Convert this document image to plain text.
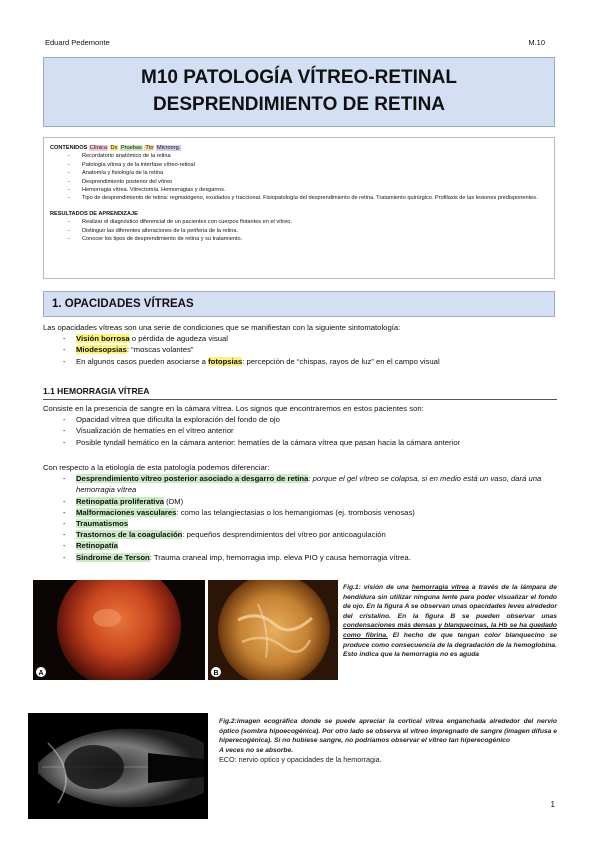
Eduard Pedemonte	M.10
M10 PATOLOGÍA VÍTREO-RETINAL
DESPRENDIMIENTO DE RETINA
CONTENIDOS Clínica Dx Pruebas Tto Microorg.
- Recordatorio anatómico de la retina
- Patología vítrea y de la interfase vítreo-retinal
- Anatomía y fisiología de la retina
- Desprendimiento posterior del vítreo
- Hemorragia vítrea. Vitrectomía. Hemorragias y desgarros.
- Tipo de desprendimiento de retina: regmatógeno, exudados y traccional. Fisiopatología del desprendimiento de retina. Tratamiento quirúrgico. Profilaxis de las lesiones predisponentes.
RESULTADOS DE APRENDIZAJE
- Realizar el diagnóstico diferencial de un pacientes con cuerpos flotantes en el vítreo.
- Distinguir las diferentes alteraciones de la periferia de la retina.
- Conocer los tipos de desprendimiento de retina y su tratamiento.
1. OPACIDADES VÍTREAS
Las opacidades vítreas son una serie de condiciones que se manifiestan con la siguiente sintomatología:
- Visión borrosa o pérdida de agudeza visual
- Miodesopsias: “moscas volantes”
- En algunos casos pueden asociarse a fotopsias: percepción de “chispas, rayos de luz” en el campo visual
1.1 HEMORRAGIA VÍTREA
Consiste en la presencia de sangre en la cámara vítrea. Los signos que encontraremos en estos pacientes son:
- Opacidad vítrea que dificulta la exploración del fondo de ojo
- Visualización de hematíes en el vítreo anterior
- Posible tyndall hemático en la cámara anterior: hematíes de la cámara vítrea que pasan hacia la cámara anterior
Con respecto a la etiología de esta patología podemos diferenciar:
- Desprendimiento vítreo posterior asociado a desgarro de retina: porque el gel vítreo se colapsa, si en medio está un vaso, dará una hemorragia vítrea
- Retinopatía proliferativa (DM)
- Malformaciones vasculares: como las telangiectasias o los hemangiomas (ej. trombosis venosas)
- Traumatismos
- Trastornos de la coagulación: pequeños desprendimientos del vítreo por anticoagulación
- Retinopatía
- Síndrome de Terson: Trauma craneal imp, hemorragia imp. eleva PIO y causa hemorragia vítrea.
A	B
Fig.1: visión de una hemorragia vítrea a través de la lámpara de hendidura sin utilizar ninguna lente para poder visualizar el fondo de ojo. En la figura A se observan unas opacidades leves alrededor del cristalino. En la figura B se pueden observar unas condensaciones más densas y blanquecinas, la Hb se ha quedado como fibrina. El hecho de que tengan color blanquecino se produce como consecuencia de la degradación de la hemoglobina. Esto indica que la hemorragia no es aguda
Fig.2:imagen ecográfica donde se puede apreciar la cortical vítrea enganchada alrededor del nervio óptico (sombra hipoecogénica). Por otro lado se observa el vítreo impregnado de sangre (imagen difusa e hiperecogénica). Si no hubiese sangre, no podríamos observar el vítreo tan hiperecogénico
A veces no se absorbe.
ECO: nervio optico y opacidades de la hemorragia.
1
